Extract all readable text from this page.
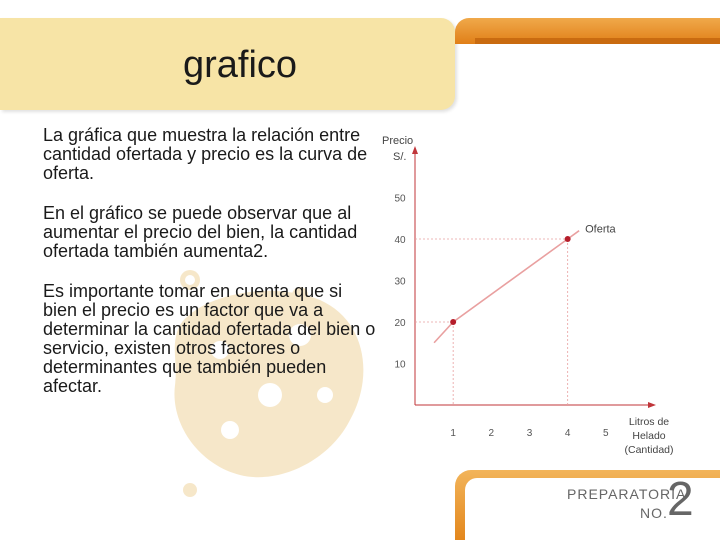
grafico

La gráfica que muestra la relación entre cantidad ofertada y precio es la curva de oferta.

En el gráfico se puede observar que al aumentar el precio del bien, la cantidad ofertada también aumenta2.

Es importante tomar en cuenta que si bien el precio es un factor que va a determinar la cantidad ofertada del bien o servicio, existen otros factores o determinantes que también pueden afectar.

Precio
S/.
Litros de
Helado
(Cantidad)
10
20
30
40
50
1	2	3	4	5
Oferta
PREPARATORIA
NO. 2
